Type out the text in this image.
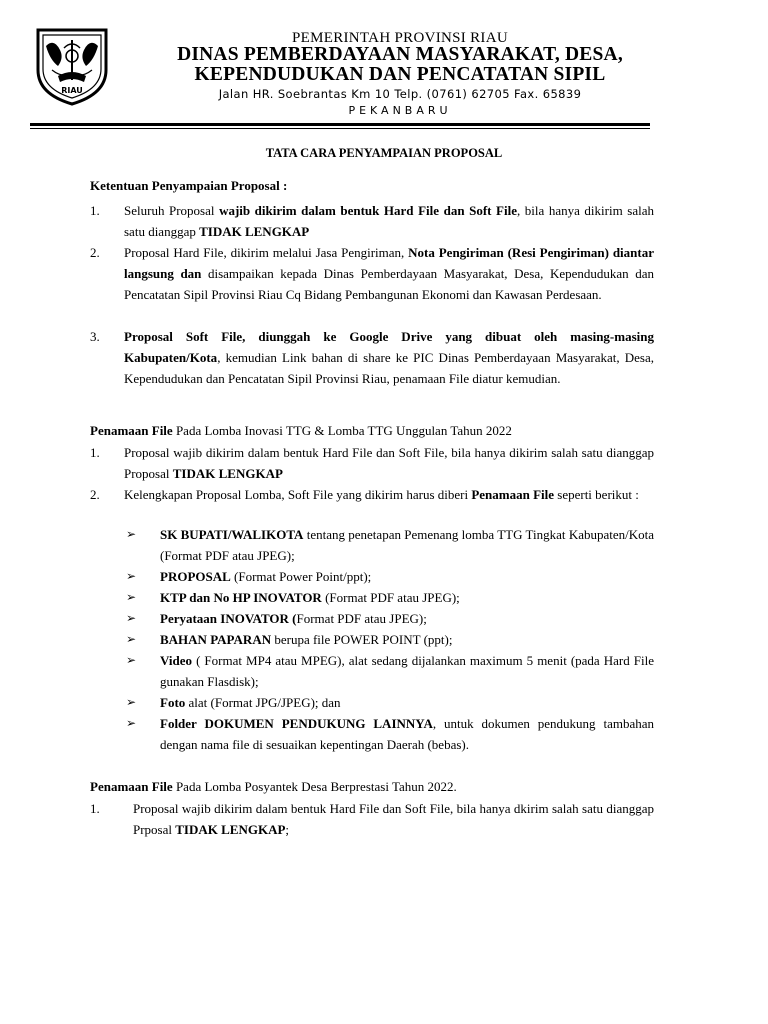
RIAU
PEMERINTAH PROVINSI RIAU
DINAS PEMBERDAYAAN MASYARAKAT, DESA,
KEPENDUDUKAN DAN PENCATATAN SIPIL
Jalan HR. Soebrantas Km 10 Telp. (0761) 62705 Fax. 65839
PEKANBARU
TATA CARA PENYAMPAIAN PROPOSAL
Ketentuan Penyampaian Proposal :
1. Seluruh Proposal wajib dikirim dalam bentuk Hard File dan Soft File, bila hanya dikirim salah satu dianggap TIDAK LENGKAP
2. Proposal Hard File, dikirim melalui Jasa Pengiriman, Nota Pengiriman (Resi Pengiriman) diantar langsung dan disampaikan kepada Dinas Pemberdayaan Masyarakat, Desa, Kependudukan dan Pencatatan Sipil Provinsi Riau Cq Bidang Pembangunan Ekonomi dan Kawasan Perdesaan.
3. Proposal Soft File, diunggah ke Google Drive yang dibuat oleh masing-masing Kabupaten/Kota, kemudian Link bahan di share ke PIC Dinas Pemberdayaan Masyarakat, Desa, Kependudukan dan Pencatatan Sipil Provinsi Riau, penamaan File diatur kemudian.
Penamaan File Pada Lomba Inovasi TTG & Lomba TTG Unggulan Tahun 2022
1. Proposal wajib dikirim dalam bentuk Hard File dan Soft File, bila hanya dikirim salah satu dianggap Proposal TIDAK LENGKAP
2. Kelengkapan Proposal Lomba, Soft File yang dikirim harus diberi Penamaan File seperti berikut :
➢ SK BUPATI/WALIKOTA tentang penetapan Pemenang lomba TTG Tingkat Kabupaten/Kota (Format PDF atau JPEG);
➢ PROPOSAL (Format Power Point/ppt);
➢ KTP dan No HP INOVATOR (Format PDF atau JPEG);
➢ Peryataan INOVATOR (Format PDF atau JPEG);
➢ BAHAN PAPARAN berupa file POWER POINT (ppt);
➢ Video ( Format MP4 atau MPEG), alat sedang dijalankan maximum 5 menit (pada Hard File gunakan Flasdisk);
➢ Foto alat (Format JPG/JPEG); dan
➢ Folder DOKUMEN PENDUKUNG LAINNYA, untuk dokumen pendukung tambahan dengan nama file di sesuaikan kepentingan Daerah (bebas).
Penamaan File Pada Lomba Posyantek Desa Berprestasi Tahun 2022.
1.	Proposal wajib dikirim dalam bentuk Hard File dan Soft File, bila hanya dkirim salah satu dianggap Prposal TIDAK LENGKAP;
